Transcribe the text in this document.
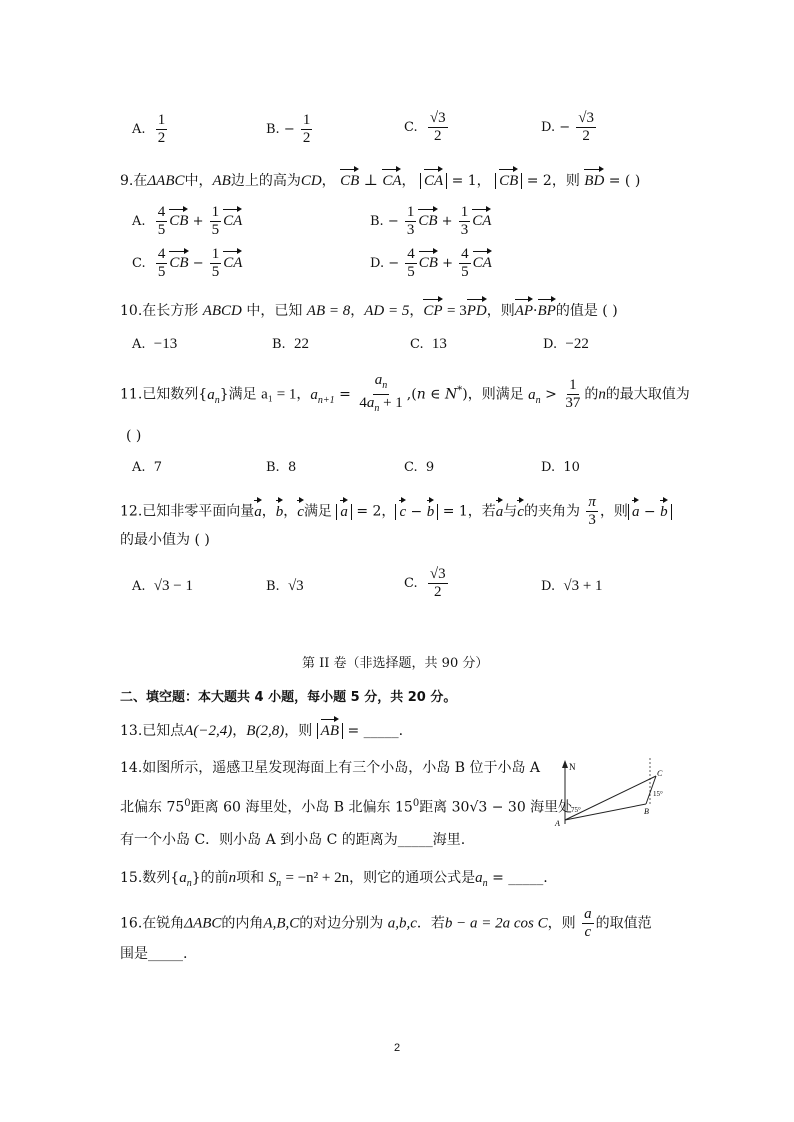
A. $\frac{1}{2}$	B. − $\frac{1}{2}$	C. $\frac{√3}{2}$	D. − $\frac{√3}{2}$
9.在ΔABC中，AB边上的高为CD， CB ⊥ CA， CA = 1， CB = 2，则 BD = ( )
A. $\frac{4}{5}$ CB + $\frac{1}{5}$ CA	B. − $\frac{1}{3}$ CB + $\frac{1}{3}$ CA
C. $\frac{4}{5}$ CB − $\frac{1}{5}$ CA	D. − $\frac{4}{5}$ CB + $\frac{4}{5}$ CA
10.在长方形 ABCD 中，已知 AB = 8，AD = 5，CP = 3PD，则AP·BP的值是 ( )
A. −13	B. 22	C. 13	D. −22
11.已知数列$\{a_n\}$满足 a₁ = 1，$a_{n+1} = \frac{a_n}{4a_n + 1} ,(n$ ∈ N*)，则满足 $a_n > \frac{1}{37}$ 的n的最大取值为
( )
A. 7	B. 8	C. 9	D. 10
12.已知非零平面向量a，b，c满足 a = 2， c − b = 1，若a与c的夹角为 $\frac{\pi}{3}$ ，则 a − b
的最小值为 ( )
A. √3 − 1	B. √3	C. $\frac{√3}{2}$	D. √3 + 1
第 II 卷（非选择题，共 90 分）
二、填空题：本大题共 4 小题，每小题 5 分，共 20 分。
13.已知点A(−2,4)，B(2,8)，则 AB = _____.
14.如图所示，遥感卫星发现海面上有三个小岛，小岛 B 位于小岛 A
北偏东 $75^0$距离 60 海里处，小岛 B 北偏东 $15^0$距离 30√3 − 30 海里处
有一个小岛 C．则小岛 A 到小岛 C 的距离为_____海里.
N
A
B
C
75°
15°
15.数列$\{a_n\}$的前n项和 $S_n = -n^2 + 2n$，则它的通项公式是$a_n$ = _____.
16.在锐角ΔABC的内角A,B,C的对边分别为 a,b,c．若b − a = 2a cos C，则 $\frac{a}{c}$ 的取值范
围是_____.
2
